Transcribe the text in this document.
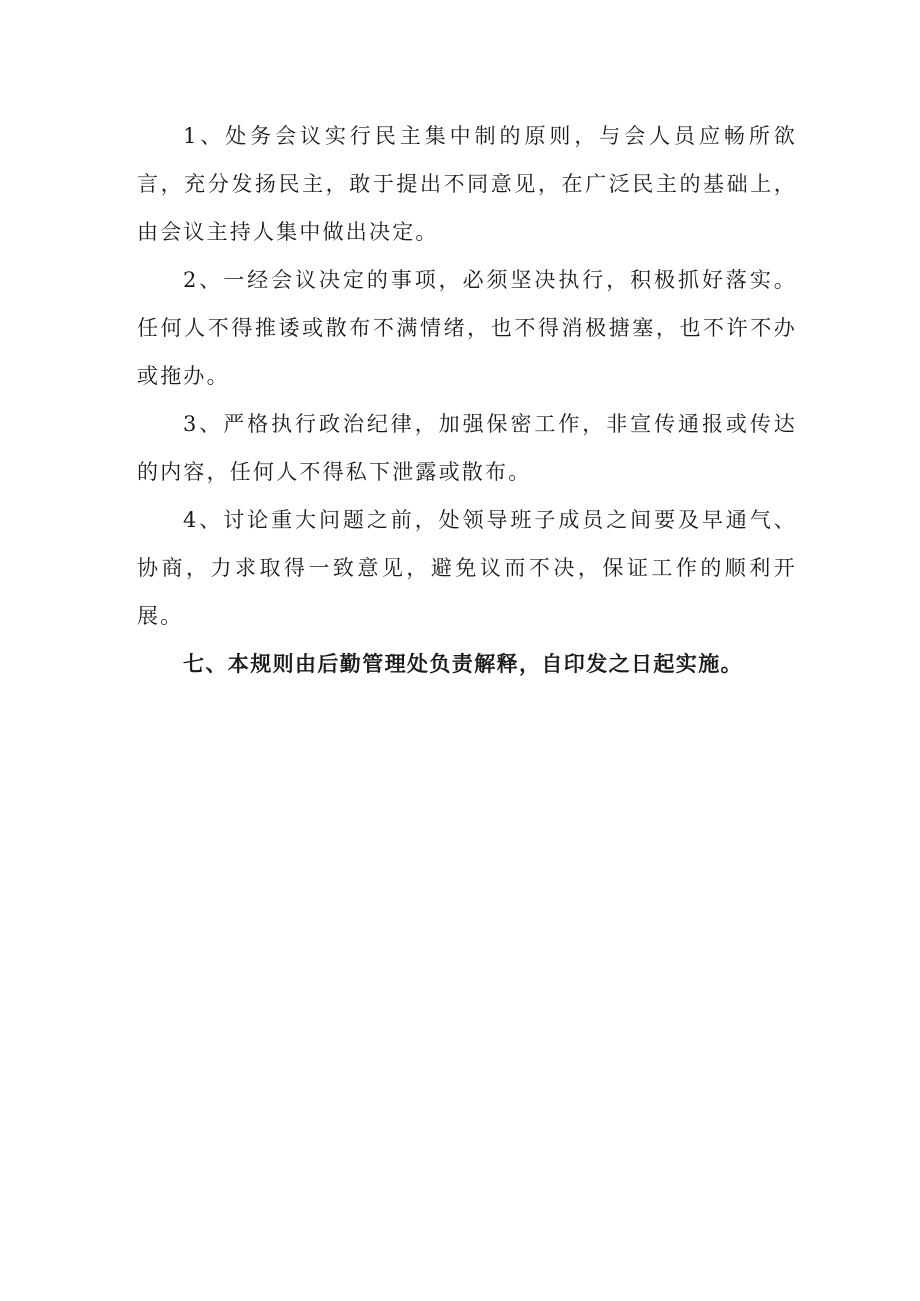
1、处务会议实行民主集中制的原则，与会人员应畅所欲言，充分发扬民主，敢于提出不同意见，在广泛民主的基础上，由会议主持人集中做出决定。

2、一经会议决定的事项，必须坚决执行，积极抓好落实。任何人不得推诿或散布不满情绪，也不得消极搪塞，也不许不办或拖办。

3、严格执行政治纪律，加强保密工作，非宣传通报或传达的内容，任何人不得私下泄露或散布。

4、讨论重大问题之前，处领导班子成员之间要及早通气、协商，力求取得一致意见，避免议而不决，保证工作的顺利开展。

七、本规则由后勤管理处负责解释，自印发之日起实施。
